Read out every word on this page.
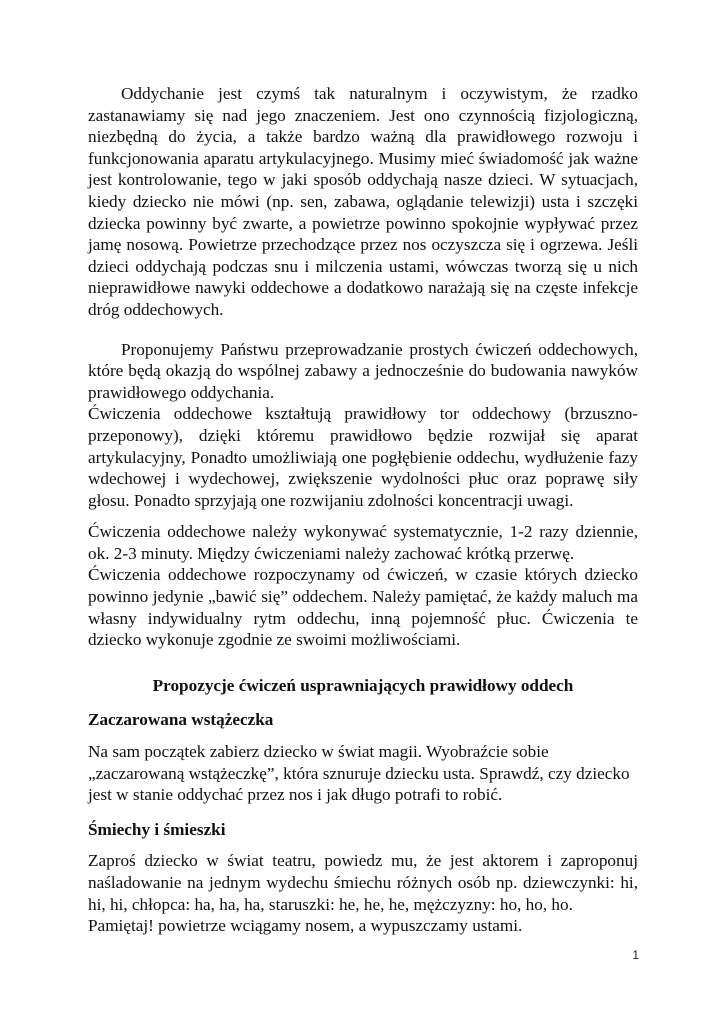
Oddychanie jest czymś tak naturalnym i oczywistym, że rzadko zastanawiamy się nad jego znaczeniem. Jest ono czynnością fizjologiczną, niezbędną do życia, a także bardzo ważną dla prawidłowego rozwoju i funkcjonowania aparatu artykulacyjnego. Musimy mieć świadomość jak ważne jest kontrolowanie, tego w jaki sposób oddychają nasze dzieci. W sytuacjach, kiedy dziecko nie mówi (np. sen, zabawa, oglądanie telewizji) usta i szczęki dziecka powinny być zwarte, a powietrze powinno spokojnie wypływać przez jamę nosową. Powietrze przechodzące przez nos oczyszcza się i ogrzewa. Jeśli dzieci oddychają podczas snu i milczenia ustami, wówczas tworzą się u nich nieprawidłowe nawyki oddechowe a dodatkowo narażają się na częste infekcje dróg oddechowych.

Proponujemy Państwu przeprowadzanie prostych ćwiczeń oddechowych, które będą okazją do wspólnej zabawy a jednocześnie do budowania nawyków prawidłowego oddychania.

Ćwiczenia oddechowe kształtują prawidłowy tor oddechowy (brzuszno-przeponowy), dzięki któremu prawidłowo będzie rozwijał się aparat artykulacyjny, Ponadto umożliwiają one pogłębienie oddechu, wydłużenie fazy wdechowej i wydechowej, zwiększenie wydolności płuc oraz poprawę siły głosu. Ponadto sprzyjają one rozwijaniu zdolności koncentracji uwagi.

Ćwiczenia oddechowe należy wykonywać systematycznie, 1-2 razy dziennie, ok. 2-3 minuty. Między ćwiczeniami należy zachować krótką przerwę.

Ćwiczenia oddechowe rozpoczynamy od ćwiczeń, w czasie których dziecko powinno jedynie „bawić się” oddechem. Należy pamiętać, że każdy maluch ma własny indywidualny rytm oddechu, inną pojemność płuc. Ćwiczenia te dziecko wykonuje zgodnie ze swoimi możliwościami.

Propozycje ćwiczeń usprawniających prawidłowy oddech

Zaczarowana wstążeczka

Na sam początek zabierz dziecko w świat magii. Wyobraźcie sobie
„zaczarowaną wstążeczkę”, która sznuruje dziecku usta. Sprawdź, czy dziecko
jest w stanie oddychać przez nos i jak długo potrafi to robić.

Śmiechy i śmieszki

Zaproś dziecko w świat teatru, powiedz mu, że jest aktorem i zaproponuj naśladowanie na jednym wydechu śmiechu różnych osób np. dziewczynki: hi, hi, hi, chłopca: ha, ha, ha, staruszki: he, he, he, mężczyzny: ho, ho, ho.

Pamiętaj! powietrze wciągamy nosem, a wypuszczamy ustami.

1
